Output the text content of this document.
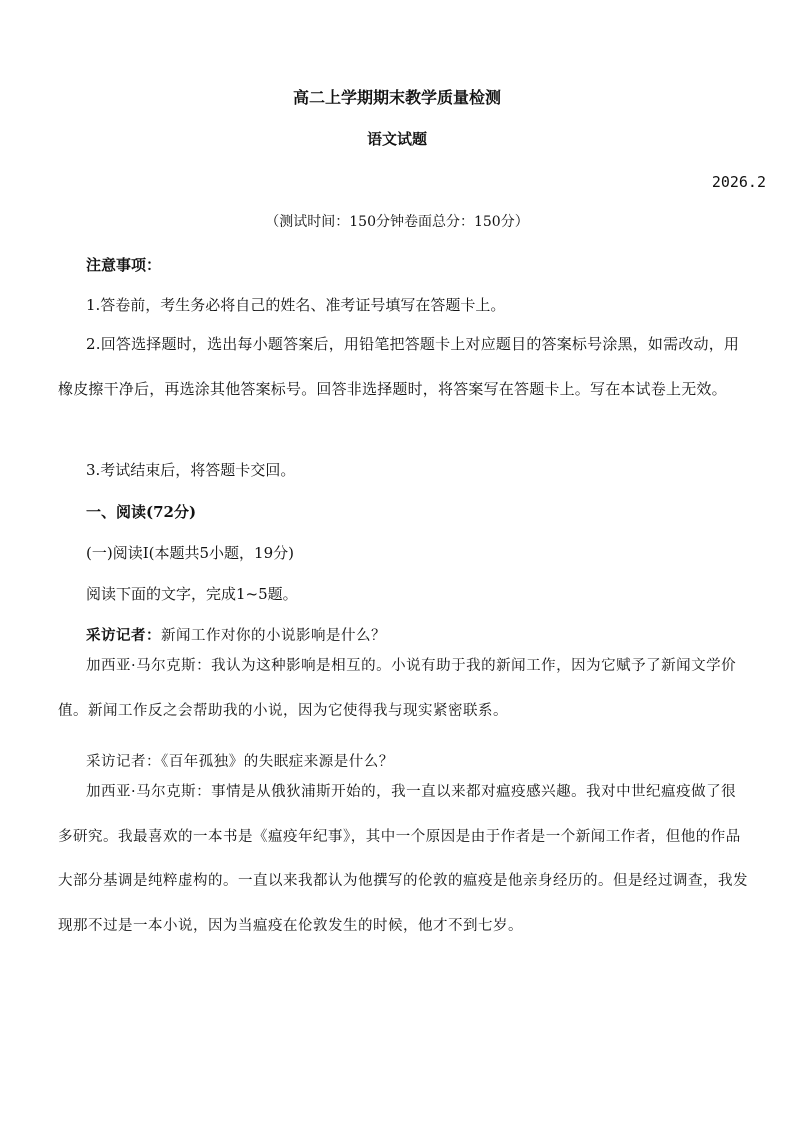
高二上学期期末教学质量检测
语文试题
2026.2
（测试时间：150分钟卷面总分：150分）
注意事项：
1.答卷前，考生务必将自己的姓名、准考证号填写在答题卡上。
2.回答选择题时，选出每小题答案后，用铅笔把答题卡上对应题目的答案标号涂黑，如需改动，用橡皮擦干净后，再选涂其他答案标号。回答非选择题时，将答案写在答题卡上。写在本试卷上无效。
3.考试结束后，将答题卡交回。
一、阅读(72分)
(一)阅读Ⅰ(本题共5小题，19分)
阅读下面的文字，完成1~5题。
采访记者：新闻工作对你的小说影响是什么？
加西亚·马尔克斯：我认为这种影响是相互的。小说有助于我的新闻工作，因为它赋予了新闻文学价值。新闻工作反之会帮助我的小说，因为它使得我与现实紧密联系。
采访记者：《百年孤独》的失眠症来源是什么？
加西亚·马尔克斯：事情是从俄狄浦斯开始的，我一直以来都对瘟疫感兴趣。我对中世纪瘟疫做了很多研究。我最喜欢的一本书是《瘟疫年纪事》，其中一个原因是由于作者是一个新闻工作者，但他的作品大部分基调是纯粹虚构的。一直以来我都认为他撰写的伦敦的瘟疫是他亲身经历的。但是经过调查，我发现那不过是一本小说，因为当瘟疫在伦敦发生的时候，他才不到七岁。
